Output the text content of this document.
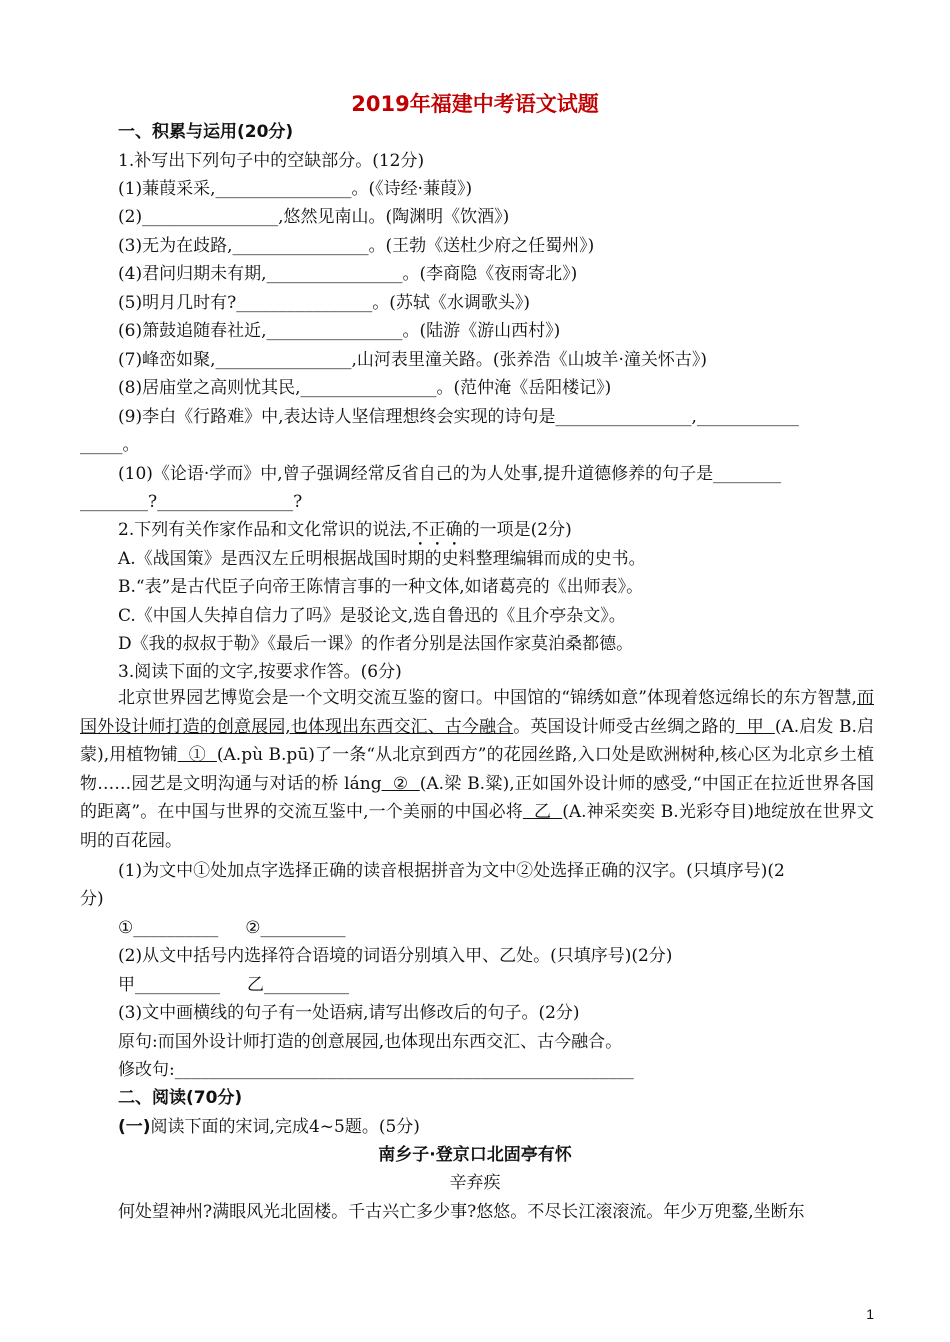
2019年福建中考语文试题
一、积累与运用(20分)
1.补写出下列句子中的空缺部分。(12分)
(1)蒹葭采采,________________。(《诗经·蒹葭》)
(2)________________,悠然见南山。(陶渊明《饮酒》)
(3)无为在歧路,________________。(王勃《送杜少府之任蜀州》)
(4)君问归期未有期,________________。(李商隐《夜雨寄北》)
(5)明月几时有?________________。(苏轼《水调歌头》)
(6)箫鼓追随春社近,________________。(陆游《游山西村》)
(7)峰峦如聚,________________,山河表里潼关路。(张养浩《山坡羊·潼关怀古》)
(8)居庙堂之高则忧其民,________________。(范仲淹《岳阳楼记》)
(9)李白《行路难》中,表达诗人坚信理想终会实现的诗句是________________,____________
_____。
(10)《论语·学而》中,曾子强调经常反省自己的为人处事,提升道德修养的句子是________
________?________________?
2.下列有关作家作品和文化常识的说法,不正确的一项是(2分)
A.《战国策》是西汉左丘明根据战国时期的史料整理编辑而成的史书。
B.“表”是古代臣子向帝王陈情言事的一种文体,如诸葛亮的《出师表》。
C.《中国人失掉自信力了吗》是驳论文,选自鲁迅的《且介亭杂文》。
D《我的叔叔于勒》《最后一课》的作者分别是法国作家莫泊桑都德。
3.阅读下面的文字,按要求作答。(6分)
北京世界园艺博览会是一个文明交流互鉴的窗口。中国馆的“锦绣如意”体现着悠远绵长的东方智慧,而国外设计师打造的创意展园,也体现出东西交汇、古今融合。英国设计师受古丝绸之路的  甲  (A.启发 B.启蒙),用植物铺  ①  (A.pù B.pū)了一条“从北京到西方”的花园丝路,入口处是欧洲树种,核心区为北京乡土植物……园艺是文明沟通与对话的桥 láng  ②  (A.梁 B.粱),正如国外设计师的感受,“中国正在拉近世界各国的距离”。在中国与世界的交流互鉴中,一个美丽的中国必将  乙  (A.神采奕奕 B.光彩夺目)地绽放在世界文明的百花园。
(1)为文中①处加点字选择正确的读音根据拼音为文中②处选择正确的汉字。(只填序号)(2
分)
①__________     ②__________
(2)从文中括号内选择符合语境的词语分别填入甲、乙处。(只填序号)(2分)
甲__________     乙__________
(3)文中画横线的句子有一处语病,请写出修改后的句子。(2分)
原句:而国外设计师打造的创意展园,也体现出东西交汇、古今融合。
修改句:______________________________________________________
二、阅读(70分)
(一)阅读下面的宋词,完成4~5题。(5分)
南乡子·登京口北固亭有怀
辛弃疾
何处望神州?满眼风光北固楼。千古兴亡多少事?悠悠。不尽长江滚滚流。年少万兜鍪,坐断东
1
